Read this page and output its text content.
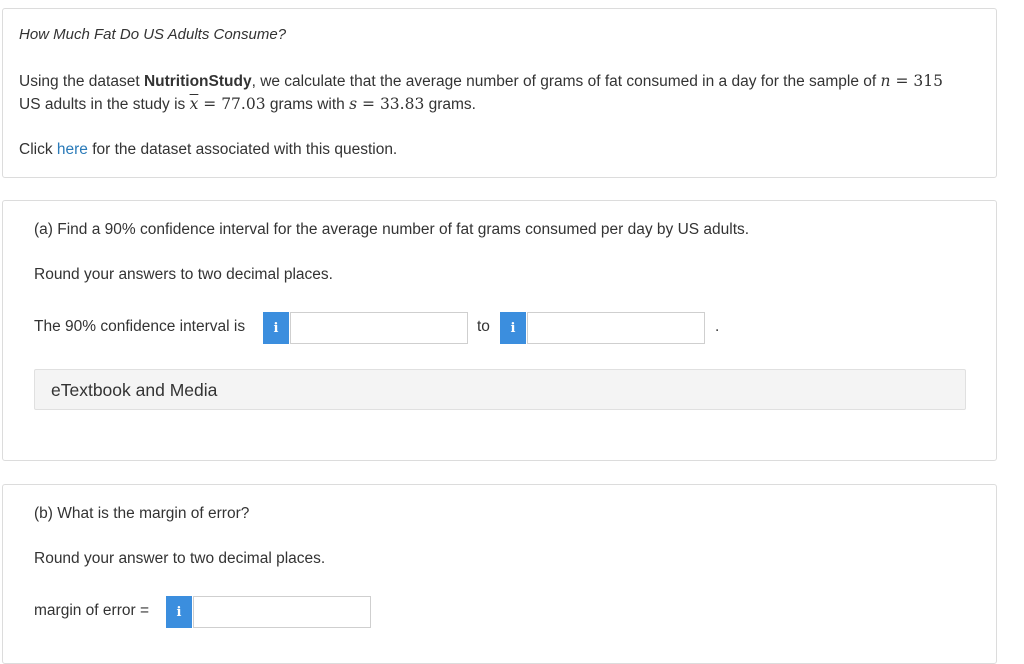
How Much Fat Do US Adults Consume?
Using the dataset NutritionStudy, we calculate that the average number of grams of fat consumed in a day for the sample of n = 315
US adults in the study is $\overline{x} = 77.03$ grams with s = 33.83 grams.
Click here for the dataset associated with this question.
(a) Find a 90% confidence interval for the average number of fat grams consumed per day by US adults.
Round your answers to two decimal places.
The 90% confidence interval is	i	to	i	.
eTextbook and Media
(b) What is the margin of error?
Round your answer to two decimal places.
margin of error =	i
